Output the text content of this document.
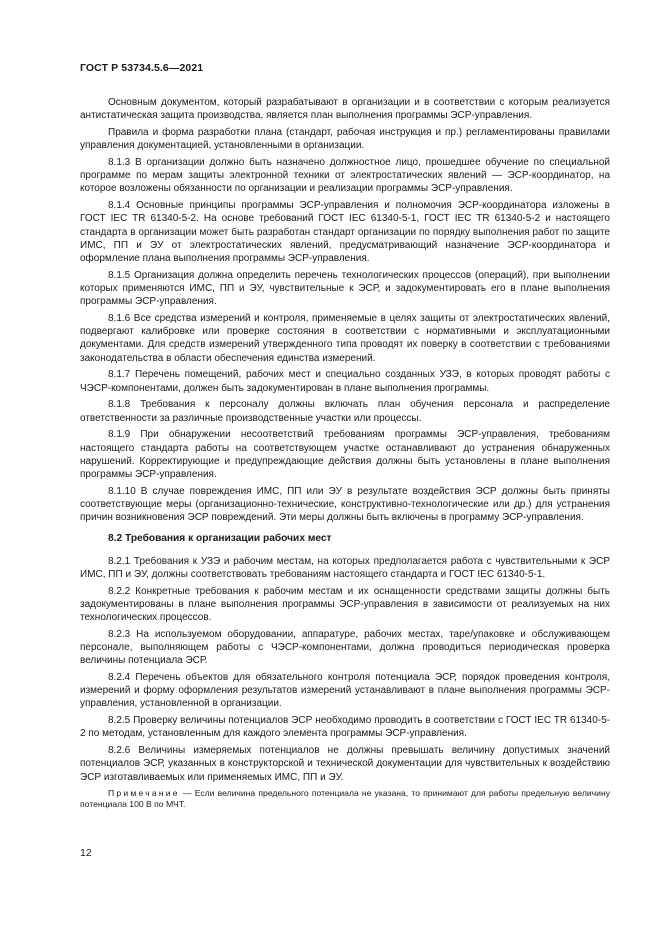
ГОСТ Р 53734.5.6—2021

Основным документом, который разрабатывают в организации и в соответствии с которым реализуется антистатическая защита производства, является план выполнения программы ЭСР-управления.

Правила и форма разработки плана (стандарт, рабочая инструкция и пр.) регламентированы правилами управления документацией, установленными в организации.

8.1.3 В организации должно быть назначено должностное лицо, прошедшее обучение по специальной программе по мерам защиты электронной техники от электростатических явлений — ЭСР-координатор, на которое возложены обязанности по организации и реализации программы ЭСР-управления.

8.1.4 Основные принципы программы ЭСР-управления и полномочия ЭСР-координатора изложены в ГОСТ IEC TR 61340-5-2. На основе требований ГОСТ IEC 61340-5-1, ГОСТ IEC TR 61340-5-2 и настоящего стандарта в организации может быть разработан стандарт организации по порядку выполнения работ по защите ИМС, ПП и ЭУ от электростатических явлений, предусматривающий назначение ЭСР-координатора и оформление плана выполнения программы ЭСР-управления.

8.1.5 Организация должна определить перечень технологических процессов (операций), при выполнении которых применяются ИМС, ПП и ЭУ, чувствительные к ЭСР, и задокументировать его в плане выполнения программы ЭСР-управления.

8.1.6 Все средства измерений и контроля, применяемые в целях защиты от электростатических явлений, подвергают калибровке или проверке состояния в соответствии с нормативными и эксплуатационными документами. Для средств измерений утвержденного типа проводят их поверку в соответствии с требованиями законодательства в области обеспечения единства измерений.

8.1.7 Перечень помещений, рабочих мест и специально созданных УЗЭ, в которых проводят работы с ЧЭСР-компонентами, должен быть задокументирован в плане выполнения программы.

8.1.8 Требования к персоналу должны включать план обучения персонала и распределение ответственности за различные производственные участки или процессы.

8.1.9 При обнаружении несоответствий требованиям программы ЭСР-управления, требованиям настоящего стандарта работы на соответствующем участке останавливают до устранения обнаруженных нарушений. Корректирующие и предупреждающие действия должны быть установлены в плане выполнения программы ЭСР-управления.

8.1.10 В случае повреждения ИМС, ПП или ЭУ в результате воздействия ЭСР должны быть приняты соответствующие меры (организационно-технические, конструктивно-технологические или др.) для устранения причин возникновения ЭСР повреждений. Эти меры должны быть включены в программу ЭСР-управления.

8.2 Требования к организации рабочих мест

8.2.1 Требования к УЗЭ и рабочим местам, на которых предполагается работа с чувствительными к ЭСР ИМС, ПП и ЭУ, должны соответствовать требованиям настоящего стандарта и ГОСТ IEC 61340-5-1.

8.2.2 Конкретные требования к рабочим местам и их оснащенности средствами защиты должны быть задокументированы в плане выполнения программы ЭСР-управления в зависимости от реализуемых на них технологических процессов.

8.2.3 На используемом оборудовании, аппаратуре, рабочих местах, таре/упаковке и обслуживающем персонале, выполняющем работы с ЧЭСР-компонентами, должна проводиться периодическая проверка величины потенциала ЭСР.

8.2.4 Перечень объектов для обязательного контроля потенциала ЭСР, порядок проведения контроля, измерений и форму оформления результатов измерений устанавливают в плане выполнения программы ЭСР-управления, установленной в организации.

8.2.5 Проверку величины потенциалов ЭСР необходимо проводить в соответствии с ГОСТ IEC TR 61340-5-2 по методам, установленным для каждого элемента программы ЭСР-управления.

8.2.6 Величины измеряемых потенциалов не должны превышать величину допустимых значений потенциалов ЭСР, указанных в конструкторской и технической документации для чувствительных к воздействию ЭСР изготавливаемых или применяемых ИМС, ПП и ЭУ.

Примечание — Если величина предельного потенциала не указана, то принимают для работы предельную величину потенциала 100 В по МЧТ.

12
